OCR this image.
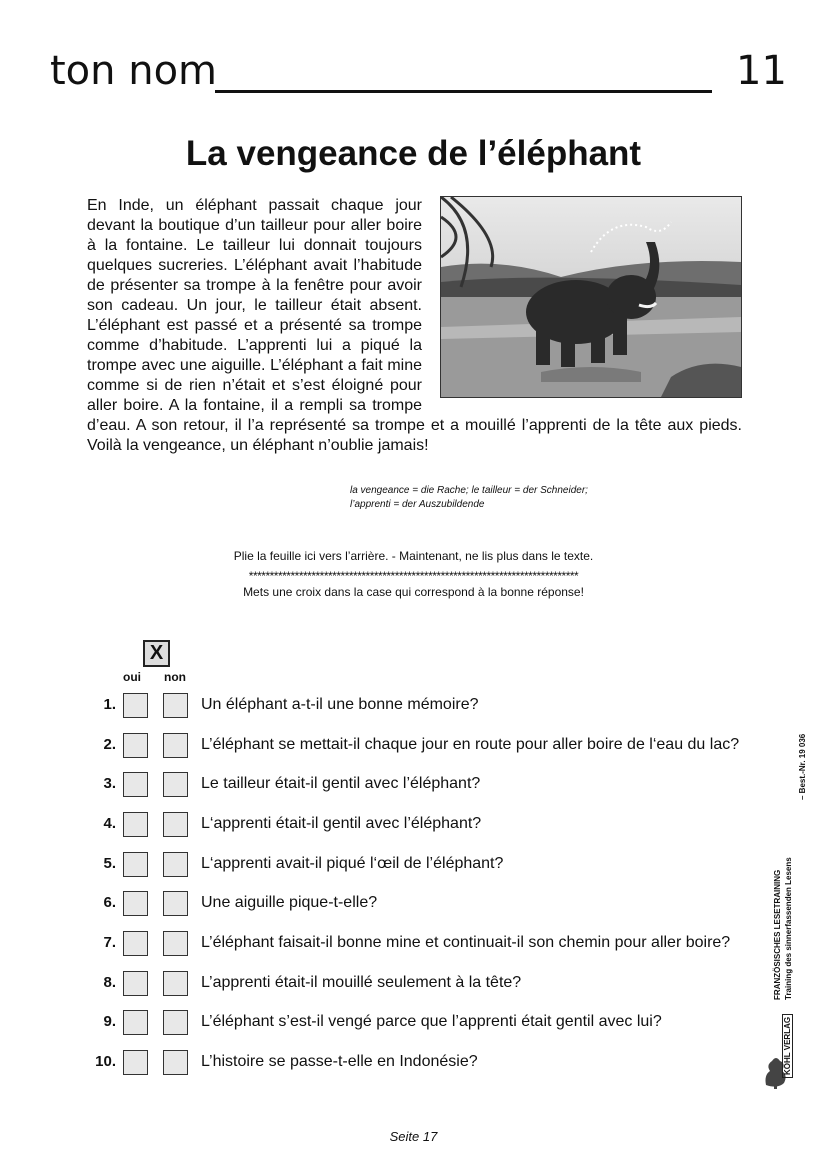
ton nom	11
La vengeance de l’éléphant
En Inde, un éléphant passait chaque jour devant la boutique d’un tailleur pour aller boire à la fontaine. Le tailleur lui donnait toujours quelques sucreries. L’éléphant avait l’habitude de présenter sa trompe à la fenêtre pour avoir son cadeau. Un jour, le tailleur était absent. L’éléphant est passé et a présenté sa trompe comme d’habitude. L’apprenti lui a piqué la trompe avec une aiguille. L’éléphant a fait mine comme si de rien n’était et s’est éloigné pour aller boire. A la fontaine, il a rempli sa trompe d’eau. A son retour, il l’a représenté sa trompe et a mouillé l’apprenti de la tête aux pieds. Voilà la vengeance, un éléphant n’oublie jamais!
la vengeance = die Rache; le tailleur = der Schneider;
l’apprenti = der Auszubildende
Plie la feuille ici vers l’arrière. - Maintenant, ne lis plus dans le texte.
*******************************************************************************
Mets une croix dans la case qui correspond à la bonne réponse!
X
oui non
1.	Un éléphant a-t-il une bonne mémoire?
2.	L’éléphant se mettait-il chaque jour en route pour aller boire de l‘eau du lac?
3.	Le tailleur était-il gentil avec l’éléphant?
4.	L‘apprenti était-il gentil avec l’éléphant?
5.	L‘apprenti avait-il piqué l‘œil de l’éléphant?
6.	Une aiguille pique-t-elle?
7.	L’éléphant faisait-il bonne mine et continuait-il son chemin pour aller boire?
8.	L’apprenti était-il mouillé seulement à la tête?
9.	L’éléphant s’est-il vengé parce que l’apprenti était gentil avec lui?
10.	L’histoire se passe-t-elle en Indonésie?
– Best.-Nr. 19 036
FRANZÖSISCHES LESETRAINING Training des sinnerfassenden Lesens
KOHL VERLAG
Seite 17
